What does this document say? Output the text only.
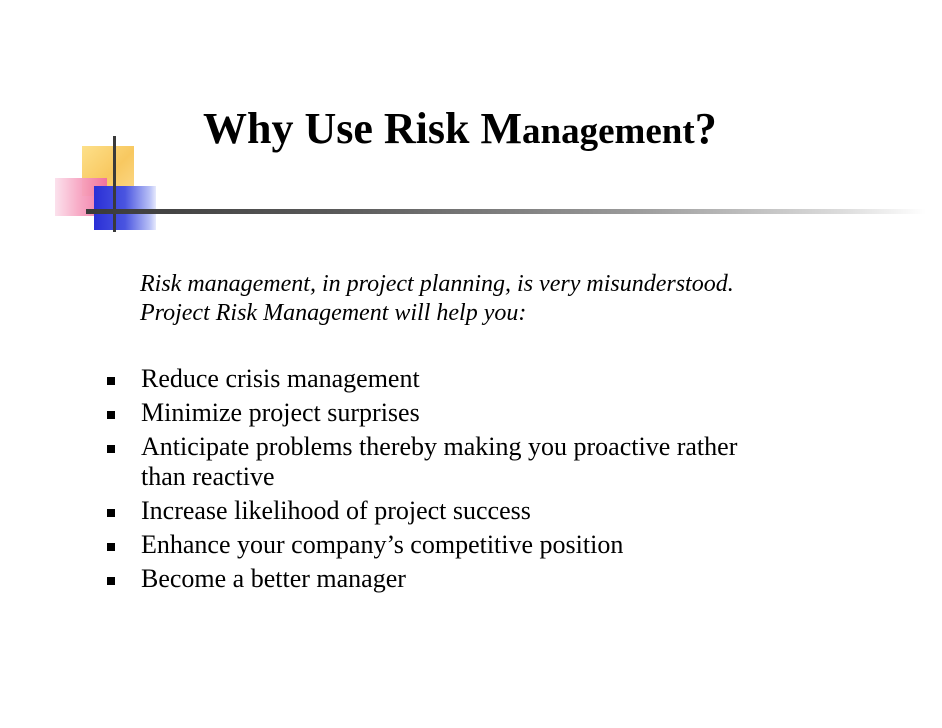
Why Use Risk Management?
Risk management, in project planning, is very misunderstood.
Project Risk Management will help you:
Reduce crisis management
Minimize project surprises
Anticipate problems thereby making you proactive rather
than reactive
Increase likelihood of project success
Enhance your company’s competitive position
Become a better manager
